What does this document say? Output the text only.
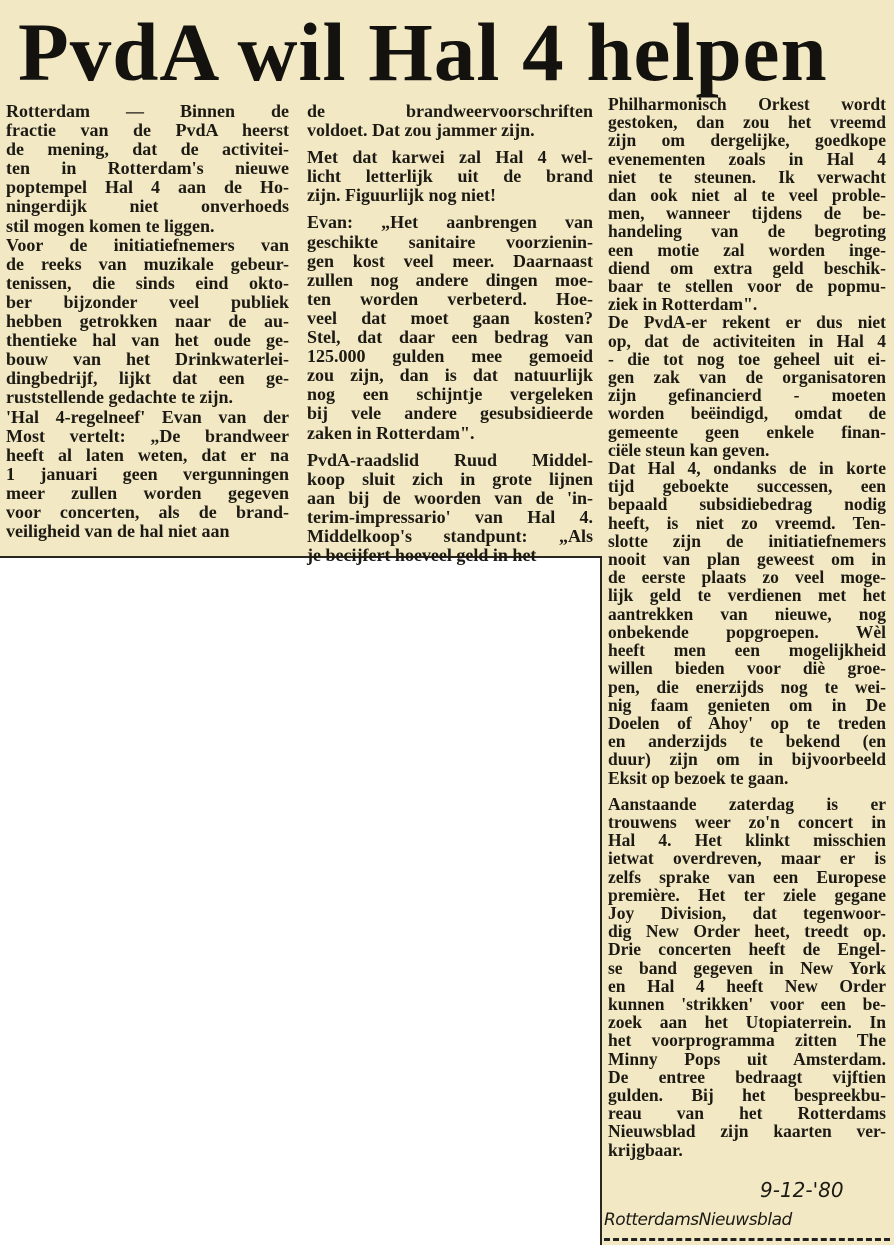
PvdA wil Hal 4 helpen
Rotterdam — Binnen de
fractie van de PvdA heerst
de mening, dat de activitei-
ten in Rotterdam's nieuwe
poptempel Hal 4 aan de Ho-
ningerdijk niet onverhoeds
stil mogen komen te liggen.
Voor de initiatiefnemers van
de reeks van muzikale gebeur-
tenissen, die sinds eind okto-
ber bijzonder veel publiek
hebben getrokken naar de au-
thentieke hal van het oude ge-
bouw van het Drinkwaterlei-
dingbedrijf, lijkt dat een ge-
ruststellende gedachte te zijn.
'Hal 4-regelneef' Evan van der
Most vertelt: „De brandweer
heeft al laten weten, dat er na
1 januari geen vergunningen
meer zullen worden gegeven
voor concerten, als de brand-
veiligheid van de hal niet aan
de brandweervoorschriften
voldoet. Dat zou jammer zijn.
Met dat karwei zal Hal 4 wel-
licht letterlijk uit de brand
zijn. Figuurlijk nog niet!
Evan: „Het aanbrengen van
geschikte sanitaire voorzienin-
gen kost veel meer. Daarnaast
zullen nog andere dingen moe-
ten worden verbeterd. Hoe-
veel dat moet gaan kosten?
Stel, dat daar een bedrag van
125.000 gulden mee gemoeid
zou zijn, dan is dat natuurlijk
nog een schijntje vergeleken
bij vele andere gesubsidieerde
zaken in Rotterdam".
PvdA-raadslid Ruud Middel-
koop sluit zich in grote lijnen
aan bij de woorden van de 'in-
terim-impressario' van Hal 4.
Middelkoop's standpunt: „Als
je becijfert hoeveel geld in het
Philharmonisch Orkest wordt
gestoken, dan zou het vreemd
zijn om dergelijke, goedkope
evenementen zoals in Hal 4
niet te steunen. Ik verwacht
dan ook niet al te veel proble-
men, wanneer tijdens de be-
handeling van de begroting
een motie zal worden inge-
diend om extra geld beschik-
baar te stellen voor de popmu-
ziek in Rotterdam".
De PvdA-er rekent er dus niet
op, dat de activiteiten in Hal 4
- die tot nog toe geheel uit ei-
gen zak van de organisatoren
zijn gefinancierd - moeten
worden beëindigd, omdat de
gemeente geen enkele finan-
ciële steun kan geven.
Dat Hal 4, ondanks de in korte
tijd geboekte successen, een
bepaald subsidiebedrag nodig
heeft, is niet zo vreemd. Ten-
slotte zijn de initiatiefnemers
nooit van plan geweest om in
de eerste plaats zo veel moge-
lijk geld te verdienen met het
aantrekken van nieuwe, nog
onbekende popgroepen. Wèl
heeft men een mogelijkheid
willen bieden voor diè groe-
pen, die enerzijds nog te wei-
nig faam genieten om in De
Doelen of Ahoy' op te treden
en anderzijds te bekend (en
duur) zijn om in bijvoorbeeld
Eksit op bezoek te gaan.
Aanstaande zaterdag is er
trouwens weer zo'n concert in
Hal 4. Het klinkt misschien
ietwat overdreven, maar er is
zelfs sprake van een Europese
première. Het ter ziele gegane
Joy Division, dat tegenwoor-
dig New Order heet, treedt op.
Drie concerten heeft de Engel-
se band gegeven in New York
en Hal 4 heeft New Order
kunnen 'strikken' voor een be-
zoek aan het Utopiaterrein. In
het voorprogramma zitten The
Minny Pops uit Amsterdam.
De entree bedraagt vijftien
gulden. Bij het bespreekbu-
reau van het Rotterdams
Nieuwsblad zijn kaarten ver-
krijgbaar.
9-12-'80
RotterdamsNieuwsblad
